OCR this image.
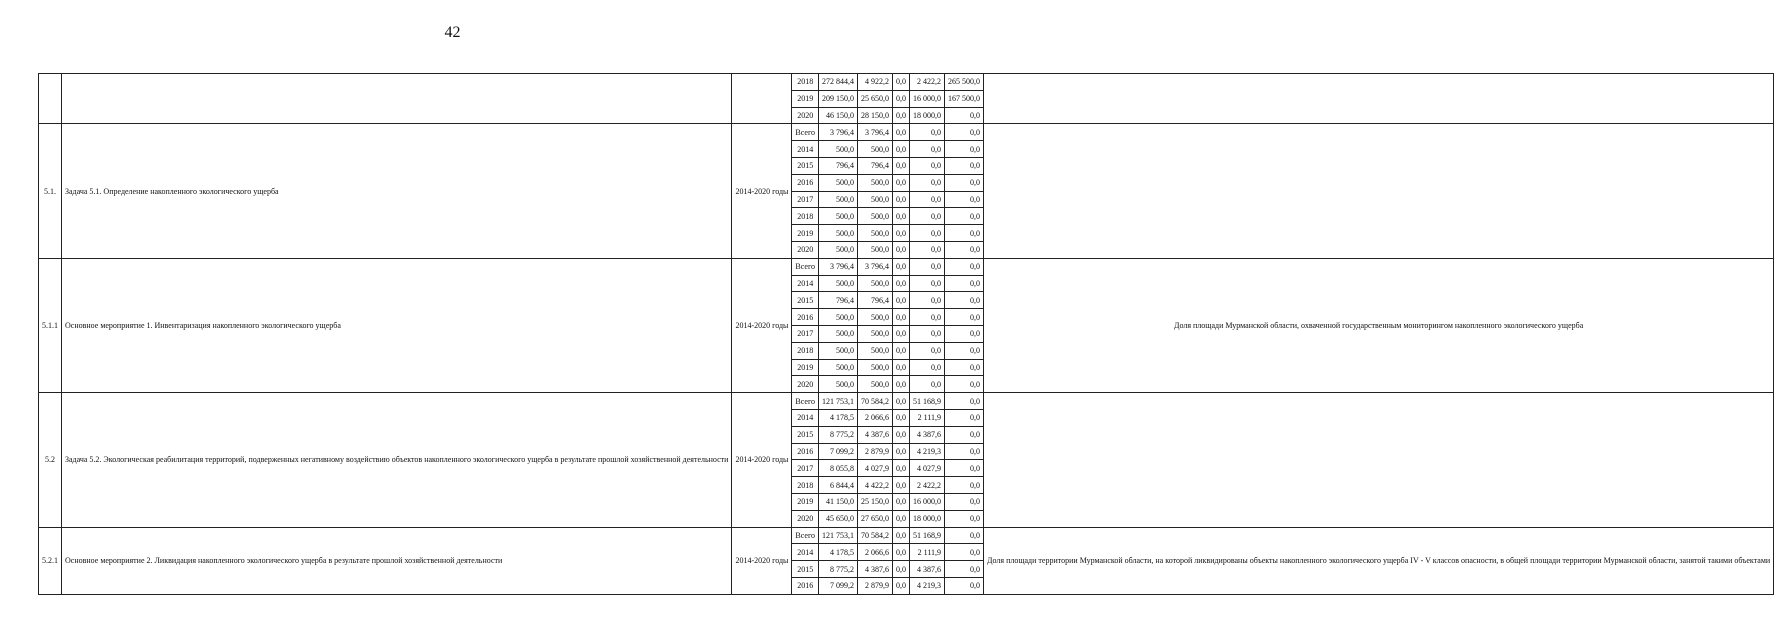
42
			2018	272 844,4	4 922,2	0,0	2 422,2	265 500,0	
			2019	209 150,0	25 650,0	0,0	16 000,0	167 500,0	
			2020	46 150,0	28 150,0	0,0	18 000,0	0,0	
5.1.	Задача 5.1. Определение накопленного экологического ущерба	2014-2020 годы	Всего	3 796,4	3 796,4	0,0	0,0	0,0	
			2014	500,0	500,0	0,0	0,0	0,0	
			2015	796,4	796,4	0,0	0,0	0,0	
			2016	500,0	500,0	0,0	0,0	0,0	
			2017	500,0	500,0	0,0	0,0	0,0	
			2018	500,0	500,0	0,0	0,0	0,0	
			2019	500,0	500,0	0,0	0,0	0,0	
			2020	500,0	500,0	0,0	0,0	0,0	
5.1.1	Основное мероприятие 1. Инвентаризация накопленного экологического ущерба	2014-2020 годы	Всего	3 796,4	3 796,4	0,0	0,0	0,0	Доля площади Мурманской области, охваченной государственным мониторингом накопленного экологического ущерба
			2014	500,0	500,0	0,0	0,0	0,0	
			2015	796,4	796,4	0,0	0,0	0,0	
			2016	500,0	500,0	0,0	0,0	0,0	
			2017	500,0	500,0	0,0	0,0	0,0	
			2018	500,0	500,0	0,0	0,0	0,0	
			2019	500,0	500,0	0,0	0,0	0,0	
			2020	500,0	500,0	0,0	0,0	0,0	
5.2	Задача 5.2. Экологическая реабилитация территорий, подверженных негативному воздействию объектов накопленного экологического ущерба в результате прошлой хозяйственной деятельности	2014-2020 годы	Всего	121 753,1	70 584,2	0,0	51 168,9	0,0	
			2014	4 178,5	2 066,6	0,0	2 111,9	0,0	
			2015	8 775,2	4 387,6	0,0	4 387,6	0,0	
			2016	7 099,2	2 879,9	0,0	4 219,3	0,0	
			2017	8 055,8	4 027,9	0,0	4 027,9	0,0	
			2018	6 844,4	4 422,2	0,0	2 422,2	0,0	
			2019	41 150,0	25 150,0	0,0	16 000,0	0,0	
			2020	45 650,0	27 650,0	0,0	18 000,0	0,0	
5.2.1	Основное мероприятие 2. Ликвидация накопленного экологического ущерба в результате прошлой хозяйственной деятельности	2014-2020 годы	Всего	121 753,1	70 584,2	0,0	51 168,9	0,0	Доля площади территории Мурманской области, на которой ликвидированы объекты накопленного экологического ущерба IV - V классов опасности, в общей площади территории Мурманской области, занятой такими объектами
			2014	4 178,5	2 066,6	0,0	2 111,9	0,0	
			2015	8 775,2	4 387,6	0,0	4 387,6	0,0	
			2016	7 099,2	2 879,9	0,0	4 219,3	0,0	
